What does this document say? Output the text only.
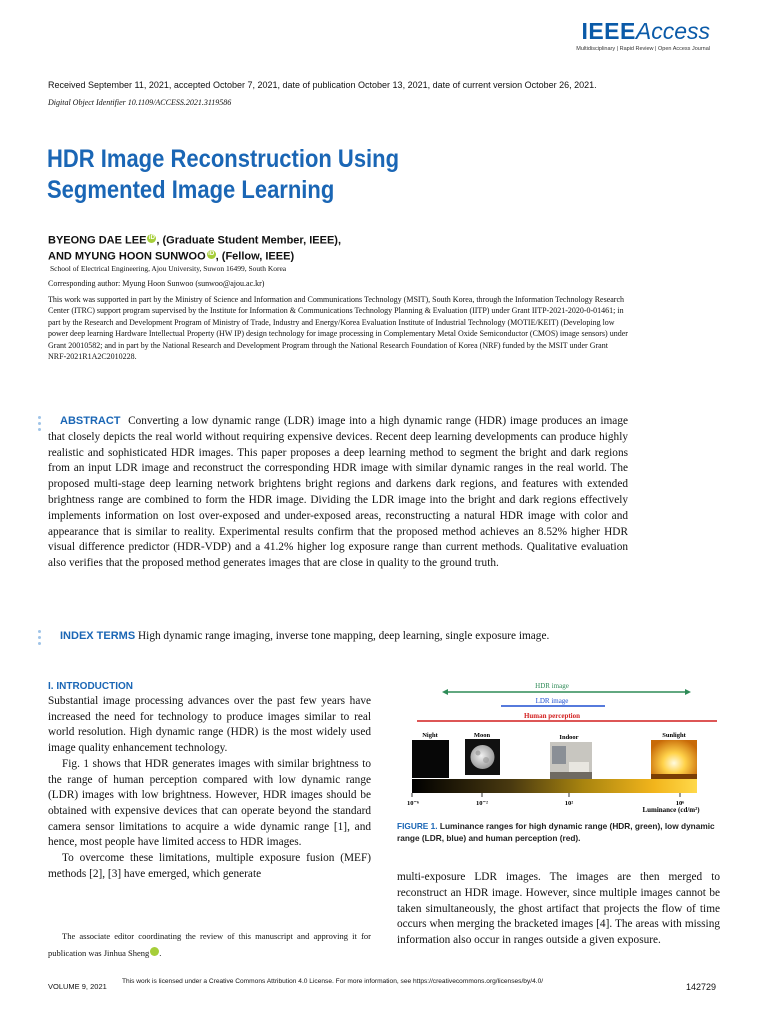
IEEEAccess
Multidisciplinary | Rapid Review | Open Access Journal
Received September 11, 2021, accepted October 7, 2021, date of publication October 13, 2021, date of current version October 26, 2021.
Digital Object Identifier 10.1109/ACCESS.2021.3119586
HDR Image Reconstruction Using
Segmented Image Learning
BYEONG DAE LEE iD , (Graduate Student Member, IEEE),
AND MYUNG HOON SUNWOO iD , (Fellow, IEEE)
School of Electrical Engineering, Ajou University, Suwon 16499, South Korea
Corresponding author: Myung Hoon Sunwoo (sunwoo@ajou.ac.kr)
This work was supported in part by the Ministry of Science and Information and Communications Technology (MSIT), South Korea, through the Information Technology Research Center (ITRC) support program supervised by the Institute for Information & Communications Technology Planning & Evaluation (IITP) under Grant IITP-2021-2020-0-01461; in part by the Research and Development Program of Ministry of Trade, Industry and Energy/Korea Evaluation Institute of Industrial Technology (MOTIE/KEIT) (Developing low power deep learning Hardware Intellectual Property (HW IP) design technology for image processing in Complementary Metal Oxide Semiconductor (CMOS) image sensors) under Grant 20010582; and in part by the National Research and Development Program through the National Research Foundation of Korea (NRF) funded by the MSIT under Grant NRF-2021R1A2C2010228.
ABSTRACT Converting a low dynamic range (LDR) image into a high dynamic range (HDR) image produces an image that closely depicts the real world without requiring expensive devices. Recent deep learning developments can produce highly realistic and sophisticated HDR images. This paper proposes a deep learning method to segment the bright and dark regions from an input LDR image and reconstruct the corresponding HDR image with similar dynamic ranges in the real world. The proposed multi-stage deep learning network brightens bright regions and darkens dark regions, and features with extended brightness range are combined to form the HDR image. Dividing the LDR image into the bright and dark regions effectively implements information on lost over-exposed and under-exposed areas, reconstructing a natural HDR image with color and appearance that is similar to reality. Experimental results confirm that the proposed method achieves an 8.52% higher HDR visual difference predictor (HDR-VDP) and a 41.2% higher log exposure range than current methods. Qualitative evaluation also verifies that the proposed method generates images that are close in quality to the ground truth.
INDEX TERMS High dynamic range imaging, inverse tone mapping, deep learning, single exposure image.
I. INTRODUCTION

Substantial image processing advances over the past few years have increased the need for technology to produce images similar to real world resolution. High dynamic range (HDR) is the most widely used image quality enhancement technology.

Fig. 1 shows that HDR generates images with similar brightness to the range of human perception compared with low dynamic range (LDR) images with low brightness. However, HDR images should be obtained with expensive devices that can operate beyond the standard camera sensor limitations to acquire a wide dynamic range [1], and hence, most people have limited access to HDR images.

To overcome these limitations, multiple exposure fusion (MEF) methods [2], [3] have emerged, which generate

The associate editor coordinating the review of this manuscript and approving it for publication was Jinhua Sheng	iD.
HDR image
LDR image
Human perception
Night	Moon	Indoor	Sunlight
10⁻⁶	10⁻²	10²	10⁶
Luminance (cd/m²)
FIGURE 1. Luminance ranges for high dynamic range (HDR, green), low dynamic range (LDR, blue) and human perception (red).
multi-exposure LDR images. The images are then merged to reconstruct an HDR image. However, since multiple images cannot be taken simultaneously, the ghost artifact that projects the flow of time occurs when merging the bracketed images [4]. The areas with missing information also occur in ranges outside a given exposure.
VOLUME 9, 2021
This work is licensed under a Creative Commons Attribution 4.0 License. For more information, see https://creativecommons.org/licenses/by/4.0/
142729
